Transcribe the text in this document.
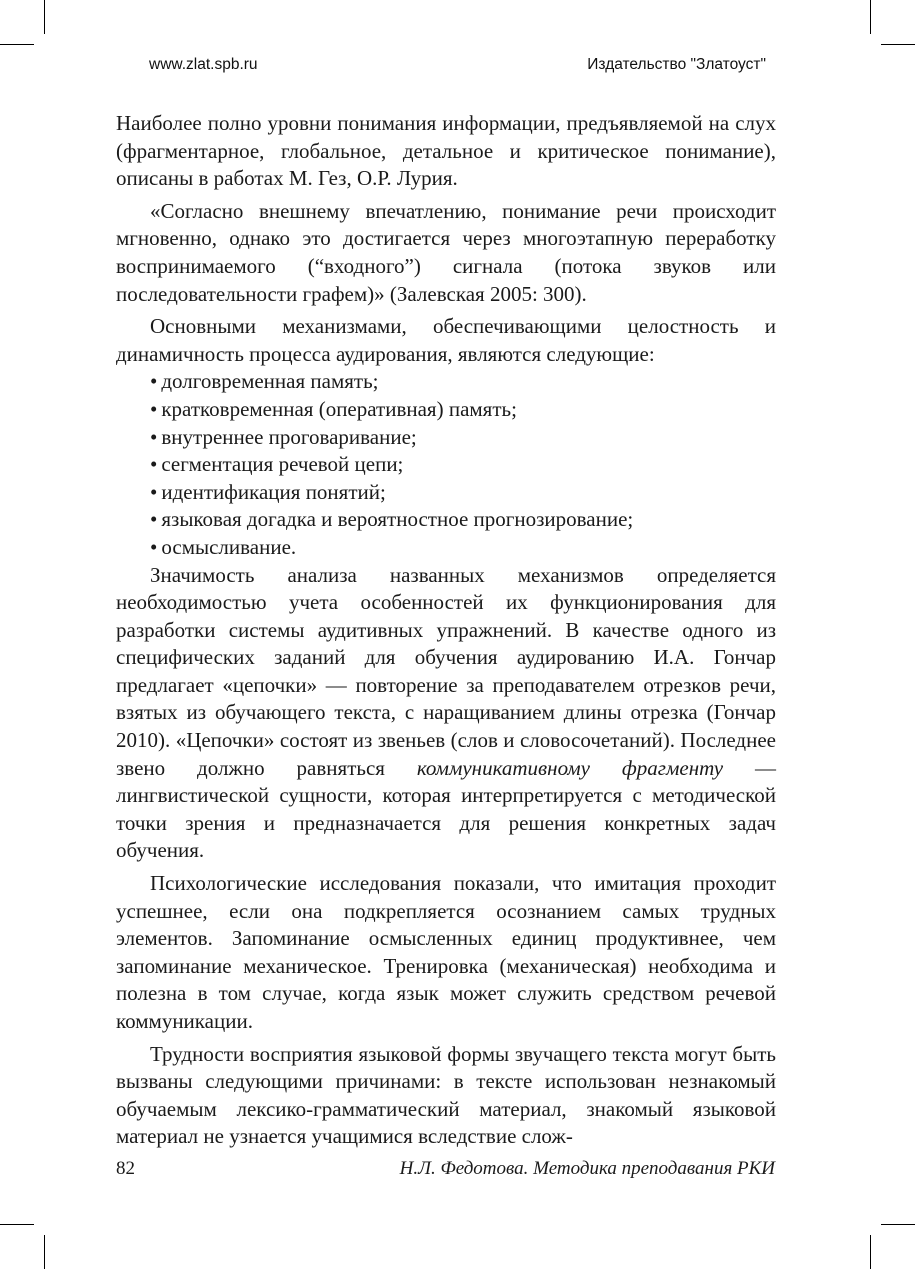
www.zlat.spb.ru	Издательство "Златоуст"

Наиболее полно уровни понимания информации, предъявляемой на слух (фрагментарное, глобальное, детальное и критическое понимание), описаны в работах М. Гез, О.Р. Лурия.

«Согласно внешнему впечатлению, понимание речи происходит мгновенно, однако это достигается через многоэтапную переработку воспринимаемого (“входного”) сигнала (потока звуков или последовательности графем)» (Залевская 2005: 300).

Основными механизмами, обеспечивающими целостность и динамичность процесса аудирования, являются следующие:

• долговременная память;
• кратковременная (оперативная) память;
• внутреннее проговаривание;
• сегментация речевой цепи;
• идентификация понятий;
• языковая догадка и вероятностное прогнозирование;
• осмысливание.

Значимость анализа названных механизмов определяется необходимостью учета особенностей их функционирования для разработки системы аудитивных упражнений. В качестве одного из специфических заданий для обучения аудированию И.А. Гончар предлагает «цепочки» — повторение за преподавателем отрезков речи, взятых из обучающего текста, с наращиванием длины отрезка (Гончар 2010). «Цепочки» состоят из звеньев (слов и словосочетаний). Последнее звено должно равняться коммуникативному фрагменту — лингвистической сущности, которая интерпретируется с методической точки зрения и предназначается для решения конкретных задач обучения.

Психологические исследования показали, что имитация проходит успешнее, если она подкрепляется осознанием самых трудных элементов. Запоминание осмысленных единиц продуктивнее, чем запоминание механическое. Тренировка (механическая) необходима и полезна в том случае, когда язык может служить средством речевой коммуникации.

Трудности восприятия языковой формы звучащего текста могут быть вызваны следующими причинами: в тексте использован незнакомый обучаемым лексико-грамматический материал, знакомый языковой материал не узнается учащимися вследствие слож-

82	Н.Л. Федотова. Методика преподавания РКИ
